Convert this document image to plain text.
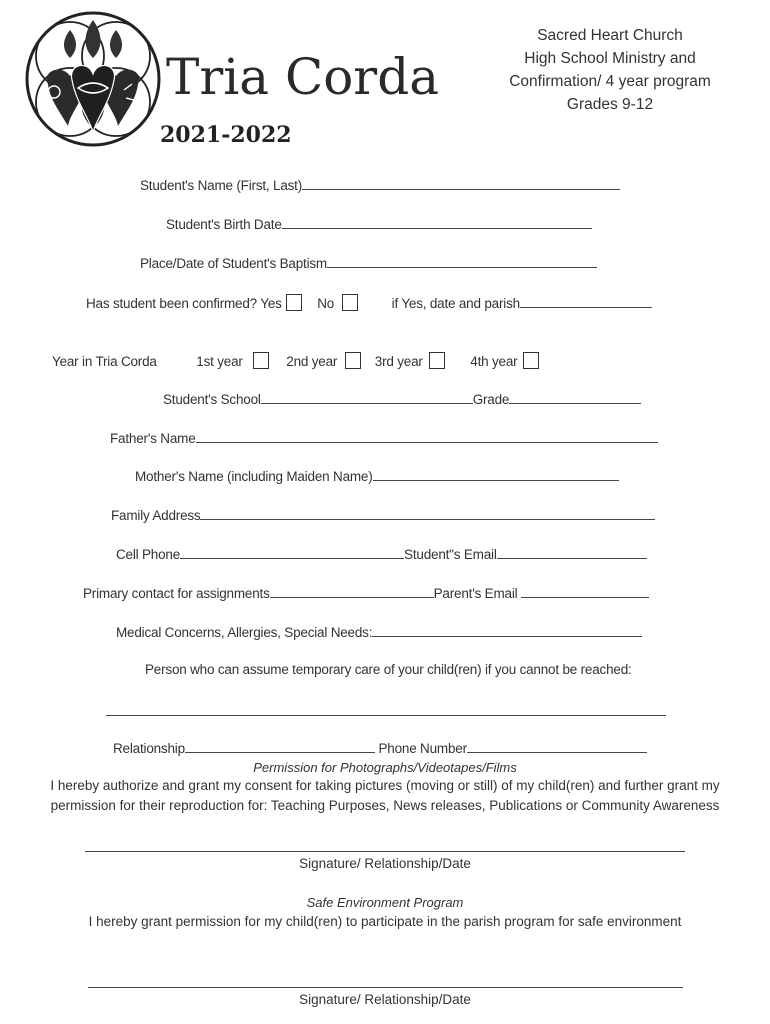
Tria Corda
2021-2022
Sacred Heart Church
High School Ministry and
Confirmation/ 4 year program
Grades 9-12
Student's Name (First, Last)
Student's Birth Date
Place/Date of Student's Baptism
Has student been confirmed? Yes	No	if Yes, date and parish
Year in Tria Corda	1st year	2nd year	3rd year	4th year
Student's School	Grade
Father's Name
Mother's Name (including Maiden Name)
Family Address
Cell Phone	Student"s Email
Primary contact for assignments	Parent's Email
Medical Concerns, Allergies, Special Needs:
Person who can assume temporary care of your child(ren) if you cannot be reached:
Relationship	Phone Number
Permission for Photographs/Videotapes/Films
I hereby authorize and grant my consent for taking pictures (moving or still) of my child(ren) and further grant my
permission for their reproduction for: Teaching Purposes, News releases, Publications or Community Awareness
Signature/ Relationship/Date
Safe Environment Program
I hereby grant permission for my child(ren) to participate in the parish program for safe environment
Signature/ Relationship/Date
